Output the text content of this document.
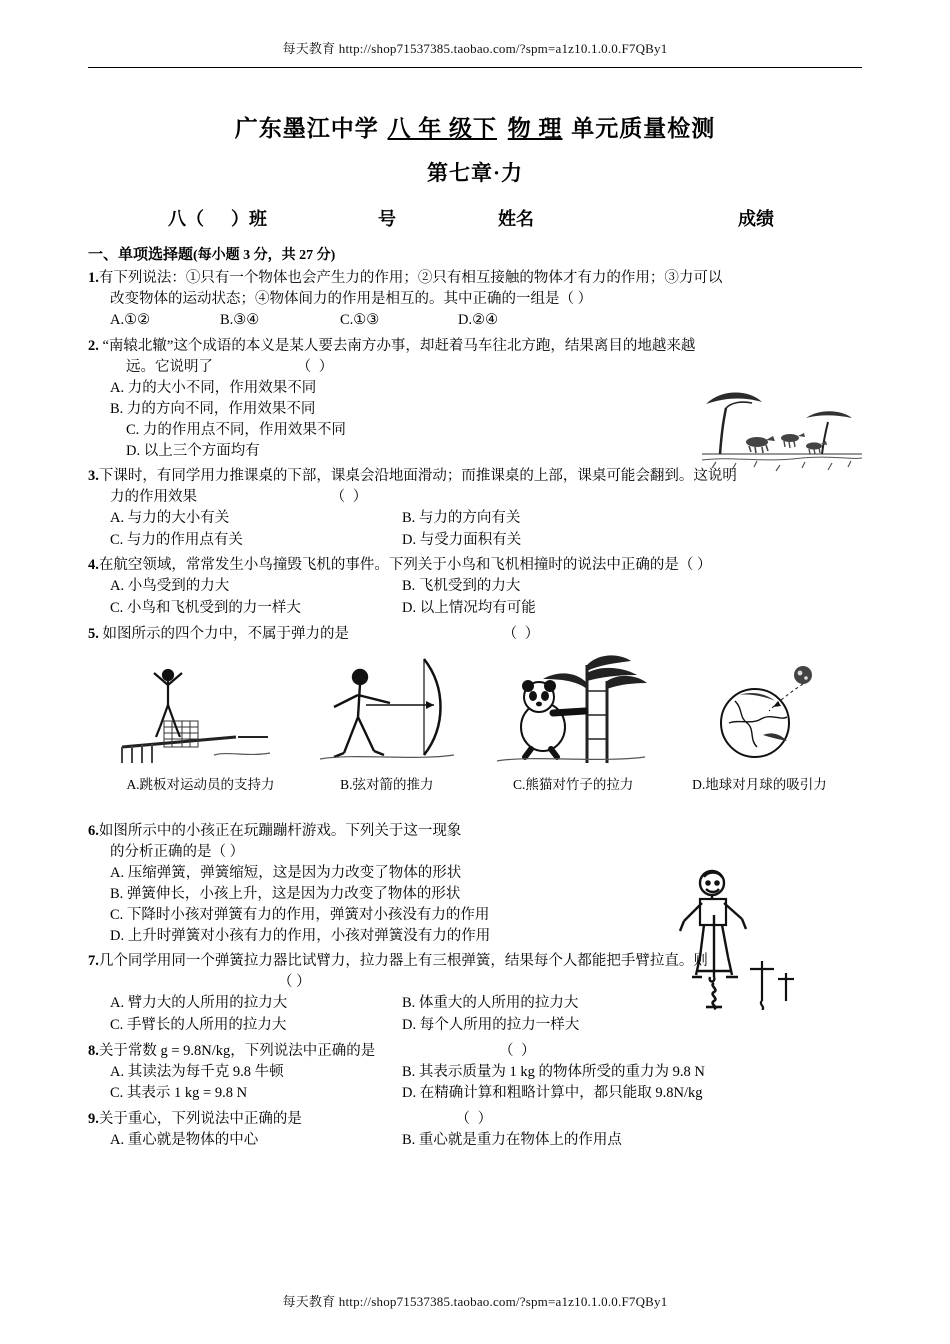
每天教育 http://shop71537385.taobao.com/?spm=a1z10.1.0.0.F7QBy1
广东墨江中学 八 年 级下 物 理 单元质量检测
第七章·力
八（      ）班	号	姓名	成绩
一、单项选择题(每小题 3 分，共 27 分)
1.有下列说法：①只有一个物体也会产生力的作用；②只有相互接触的物体才有力的作用；③力可以
改变物体的运动状态；④物体间力的作用是相互的。其中正确的一组是（ ）
A.①②	B.③④	C.①③	D.②④
2. “南辕北辙”这个成语的本义是某人要去南方办事，却赶着马车往北方跑，结果离目的地越来越
远。它说明了	（ ）
A. 力的大小不同，作用效果不同
B. 力的方向不同，作用效果不同
C. 力的作用点不同，作用效果不同
D. 以上三个方面均有
3.下课时，有同学用力推课桌的下部，课桌会沿地面滑动；而推课桌的上部，课桌可能会翻到。这说明
力的作用效果	（ ）
A. 与力的大小有关	B. 与力的方向有关
C. 与力的作用点有关	D. 与受力面积有关
4.在航空领域，常常发生小鸟撞毁飞机的事件。下列关于小鸟和飞机相撞时的说法中正确的是（ ）
A. 小鸟受到的力大	B. 飞机受到的力大
C. 小鸟和飞机受到的力一样大	D. 以上情况均有可能
5. 如图所示的四个力中，不属于弹力的是	（ ）
A.跳板对运动员的支持力	B.弦对箭的推力	C.熊猫对竹子的拉力	D.地球对月球的吸引力
6.如图所示中的小孩正在玩蹦蹦杆游戏。下列关于这一现象
的分析正确的是（ ）
A. 压缩弹簧，弹簧缩短，这是因为力改变了物体的形状
B. 弹簧伸长，小孩上升，这是因为力改变了物体的形状
C. 下降时小孩对弹簧有力的作用，弹簧对小孩没有力的作用
D. 上升时弹簧对小孩有力的作用，小孩对弹簧没有力的作用
7.几个同学用同一个弹簧拉力器比试臂力，拉力器上有三根弹簧，结果每个人都能把手臂拉直。则
（ ）
A. 臂力大的人所用的拉力大	B. 体重大的人所用的拉力大
C. 手臂长的人所用的拉力大	D. 每个人所用的拉力一样大
8.关于常数 g = 9.8N/kg，下列说法中正确的是	（ ）
A. 其读法为每千克 9.8 牛顿	B. 其表示质量为 1 kg 的物体所受的重力为 9.8 N
C. 其表示 1 kg = 9.8 N	D. 在精确计算和粗略计算中，都只能取 9.8N/kg
9.关于重心，下列说法中正确的是	（ ）
A. 重心就是物体的中心	B. 重心就是重力在物体上的作用点
每天教育 http://shop71537385.taobao.com/?spm=a1z10.1.0.0.F7QBy1
